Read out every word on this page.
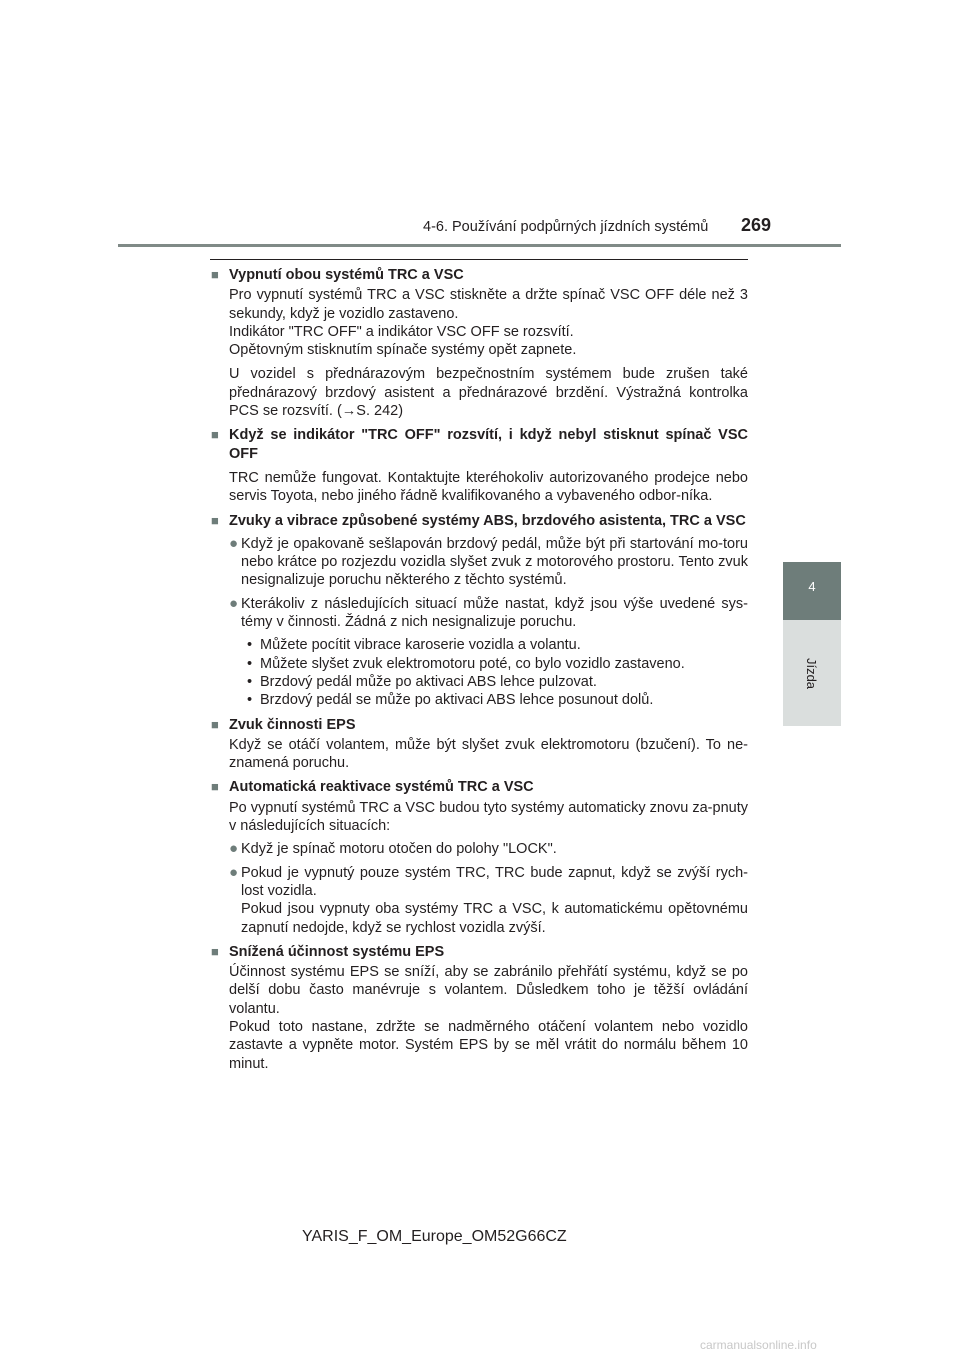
4-6. Používání podpůrných jízdních systémů 269
4
Jízda
■ Vypnutí obou systémů TRC a VSC
Pro vypnutí systémů TRC a VSC stiskněte a držte spínač VSC OFF déle než 3 sekundy, když je vozidlo zastaveno.
Indikátor "TRC OFF" a indikátor VSC OFF se rozsvítí.
Opětovným stisknutím spínače systémy opět zapnete.
U vozidel s přednárazovým bezpečnostním systémem bude zrušen také přednárazový brzdový asistent a přednárazové brzdění. Výstražná kontrolka PCS se rozsvítí. (→S. 242)
■ Když se indikátor "TRC OFF" rozsvítí, i když nebyl stisknut spínač VSC OFF
TRC nemůže fungovat. Kontaktujte kteréhokoliv autorizovaného prodejce nebo servis Toyota, nebo jiného řádně kvalifikovaného a vybaveného odbor-níka.
■ Zvuky a vibrace způsobené systémy ABS, brzdového asistenta, TRC a VSC
● Když je opakovaně sešlapován brzdový pedál, může být při startování mo-toru nebo krátce po rozjezdu vozidla slyšet zvuk z motorového prostoru. Tento zvuk nesignalizuje poruchu některého z těchto systémů.
● Kterákoliv z následujících situací může nastat, když jsou výše uvedené sys-témy v činnosti. Žádná z nich nesignalizuje poruchu.
• Můžete pocítit vibrace karoserie vozidla a volantu.
• Můžete slyšet zvuk elektromotoru poté, co bylo vozidlo zastaveno.
• Brzdový pedál může po aktivaci ABS lehce pulzovat.
• Brzdový pedál se může po aktivaci ABS lehce posunout dolů.
■ Zvuk činnosti EPS
Když se otáčí volantem, může být slyšet zvuk elektromotoru (bzučení). To ne-znamená poruchu.
■ Automatická reaktivace systémů TRC a VSC
Po vypnutí systémů TRC a VSC budou tyto systémy automaticky znovu za-pnuty v následujících situacích:
● Když je spínač motoru otočen do polohy "LOCK".
● Pokud je vypnutý pouze systém TRC, TRC bude zapnut, když se zvýší rych-lost vozidla.
Pokud jsou vypnuty oba systémy TRC a VSC, k automatickému opětovnému zapnutí nedojde, když se rychlost vozidla zvýší.
■ Snížená účinnost systému EPS
Účinnost systému EPS se sníží, aby se zabránilo přehřátí systému, když se po delší dobu často manévruje s volantem. Důsledkem toho je těžší ovládání volantu.
Pokud toto nastane, zdržte se nadměrného otáčení volantem nebo vozidlo zastavte a vypněte motor. Systém EPS by se měl vrátit do normálu během 10 minut.
YARIS_F_OM_Europe_OM52G66CZ
carmanualsonline.info
